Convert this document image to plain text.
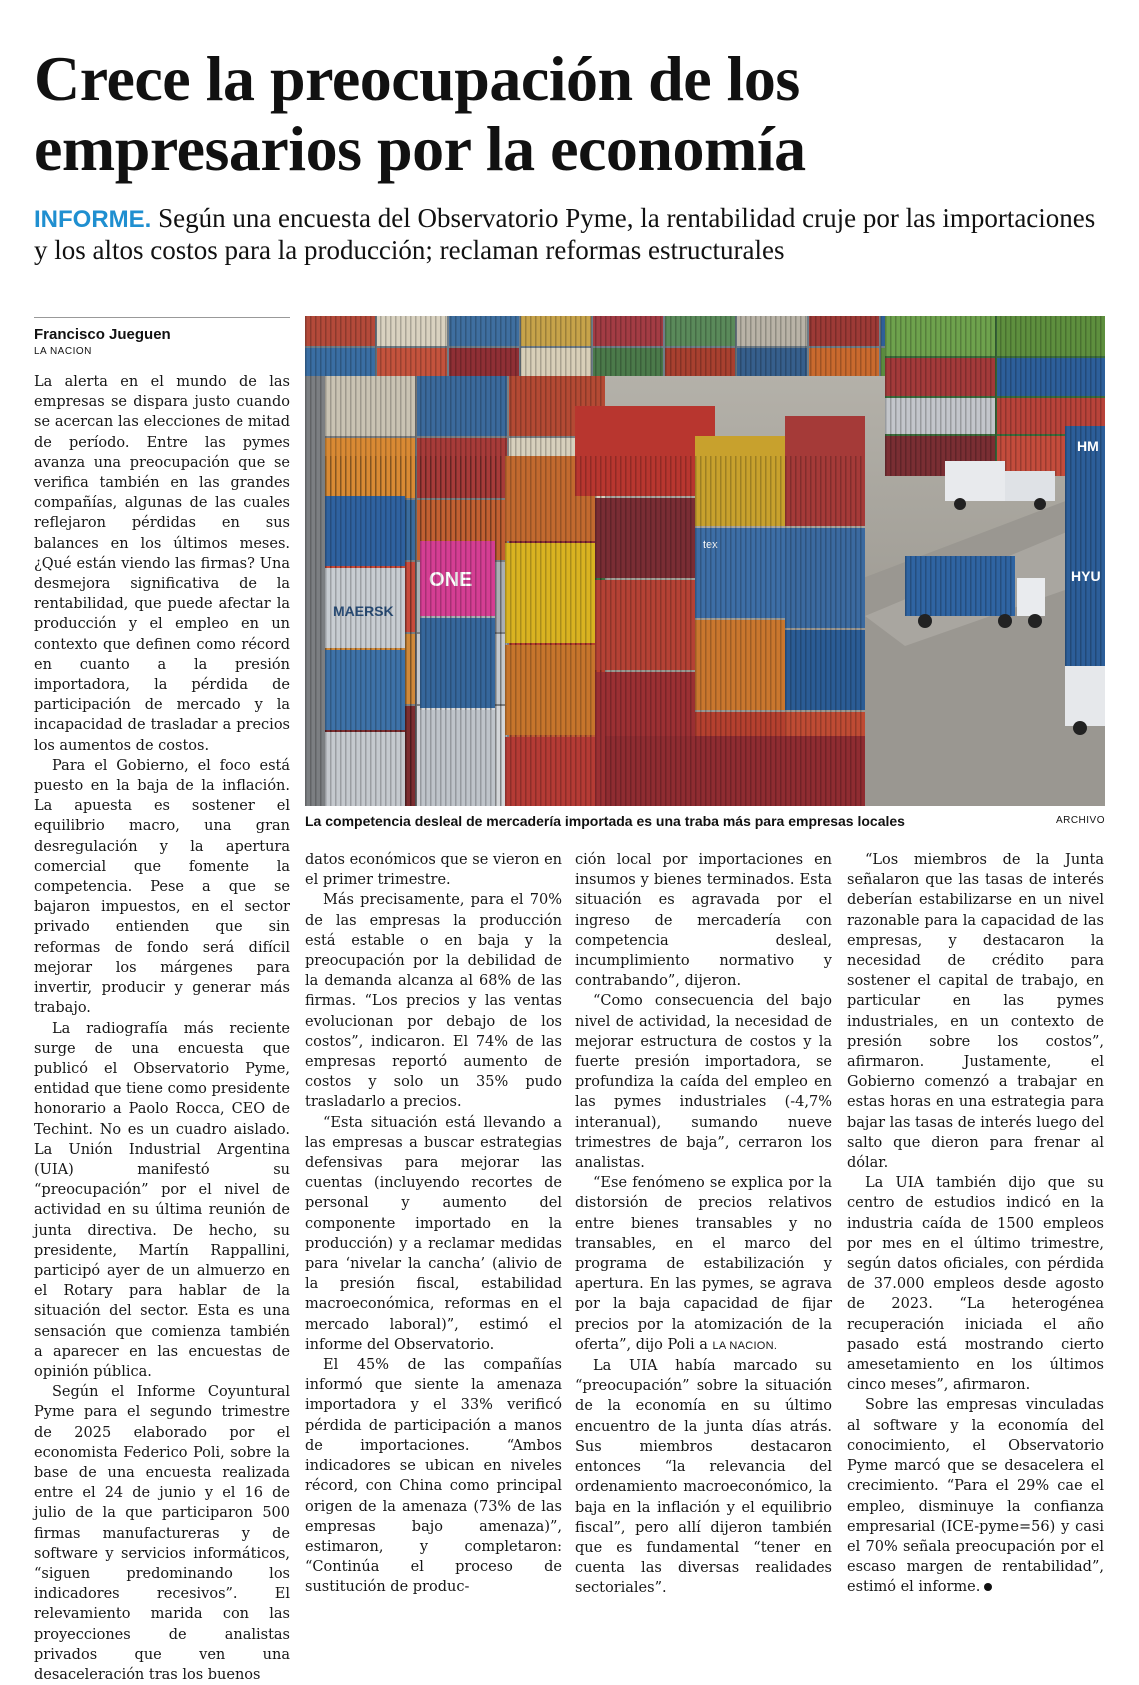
Crece la preocupación de los empresarios por la economía

INFORME. Según una encuesta del Observatorio Pyme, la rentabilidad cruje por las importaciones y los altos costos para la producción; reclaman reformas estructurales

Francisco Jueguen
LA NACION

La alerta en el mundo de las empresas se dispara justo cuando se acercan las elecciones de mitad de período. Entre las pymes avanza una preocupación que se verifica también en las grandes compañías, algunas de las cuales reflejaron pérdidas en sus balances en los últimos meses. ¿Qué están viendo las firmas? Una desmejora significativa de la rentabilidad, que puede afectar la producción y el empleo en un contexto que definen como récord en cuanto a la presión importadora, la pérdida de participación de mercado y la incapacidad de trasladar a precios los aumentos de costos.

Para el Gobierno, el foco está puesto en la baja de la inflación. La apuesta es sostener el equilibrio macro, una gran desregulación y la apertura comercial que fomente la competencia. Pese a que se bajaron impuestos, en el sector privado entienden que sin reformas de fondo será difícil mejorar los márgenes para invertir, producir y generar más trabajo.

La radiografía más reciente surge de una encuesta que publicó el Observatorio Pyme, entidad que tiene como presidente honorario a Paolo Rocca, CEO de Techint. No es un cuadro aislado. La Unión Industrial Argentina (UIA) manifestó su “preocupación” por el nivel de actividad en su última reunión de junta directiva. De hecho, su presidente, Martín Rappallini, participó ayer de un almuerzo en el Rotary para hablar de la situación del sector. Esta es una sensación que comienza también a aparecer en las encuestas de opinión pública.

Según el Informe Coyuntural Pyme para el segundo trimestre de 2025 elaborado por el economista Federico Poli, sobre la base de una encuesta realizada entre el 24 de junio y el 16 de julio de la que participaron 500 firmas manufactureras y de software y servicios informáticos, “siguen predominando los indicadores recesivos”. El relevamiento marida con las proyecciones de analistas privados que ven una desaceleración tras los buenos

HM
HYU
La competencia desleal de mercadería importada es una traba más para empresas locales	ARCHIVO

datos económicos que se vieron en el primer trimestre.

Más precisamente, para el 70% de las empresas la producción está estable o en baja y la preocupación por la debilidad de la demanda alcanza al 68% de las firmas. “Los precios y las ventas evolucionan por debajo de los costos”, indicaron. El 74% de las empresas reportó aumento de costos y solo un 35% pudo trasladarlo a precios.

“Esta situación está llevando a las empresas a buscar estrategias defensivas para mejorar las cuentas (incluyendo recortes de personal y aumento del componente importado en la producción) y a reclamar medidas para ‘nivelar la cancha’ (alivio de la presión fiscal, estabilidad macroeconómica, reformas en el mercado laboral)”, estimó el informe del Observatorio.

El 45% de las compañías informó que siente la amenaza importadora y el 33% verificó pérdida de participación a manos de importaciones. “Ambos indicadores se ubican en niveles récord, con China como principal origen de la amenaza (73% de las empresas bajo amenaza)”, estimaron, y completaron: “Continúa el proceso de sustitución de produc-

ción local por importaciones en insumos y bienes terminados. Esta situación es agravada por el ingreso de mercadería con competencia desleal, incumplimiento normativo y contrabando”, dijeron.

“Como consecuencia del bajo nivel de actividad, la necesidad de mejorar estructura de costos y la fuerte presión importadora, se profundiza la caída del empleo en las pymes industriales (-4,7% interanual), sumando nueve trimestres de baja”, cerraron los analistas.

“Ese fenómeno se explica por la distorsión de precios relativos entre bienes transables y no transables, en el marco del programa de estabilización y apertura. En las pymes, se agrava por la baja capacidad de fijar precios por la atomización de la oferta”, dijo Poli a LA NACION.

La UIA había marcado su “preocupación” sobre la situación de la economía en su último encuentro de la junta días atrás. Sus miembros destacaron entonces “la relevancia del ordenamiento macroeconómico, la baja en la inflación y el equilibrio fiscal”, pero allí dijeron también que es fundamental “tener en cuenta las diversas realidades sectoriales”.

“Los miembros de la Junta señalaron que las tasas de interés deberían estabilizarse en un nivel razonable para la capacidad de las empresas, y destacaron la necesidad de crédito para sostener el capital de trabajo, en particular en las pymes industriales, en un contexto de presión sobre los costos”, afirmaron. Justamente, el Gobierno comenzó a trabajar en estas horas en una estrategia para bajar las tasas de interés luego del salto que dieron para frenar al dólar.

La UIA también dijo que su centro de estudios indicó en la industria caída de 1500 empleos por mes en el último trimestre, según datos oficiales, con pérdida de 37.000 empleos desde agosto de 2023. “La heterogénea recuperación iniciada el año pasado está mostrando cierto amesetamiento en los últimos cinco meses”, afirmaron.

Sobre las empresas vinculadas al software y la economía del conocimiento, el Observatorio Pyme marcó que se desacelera el crecimiento. “Para el 29% cae el empleo, disminuye la confianza empresarial (ICE-pyme=56) y casi el 70% señala preocupación por el escaso margen de rentabilidad”, estimó el informe.
